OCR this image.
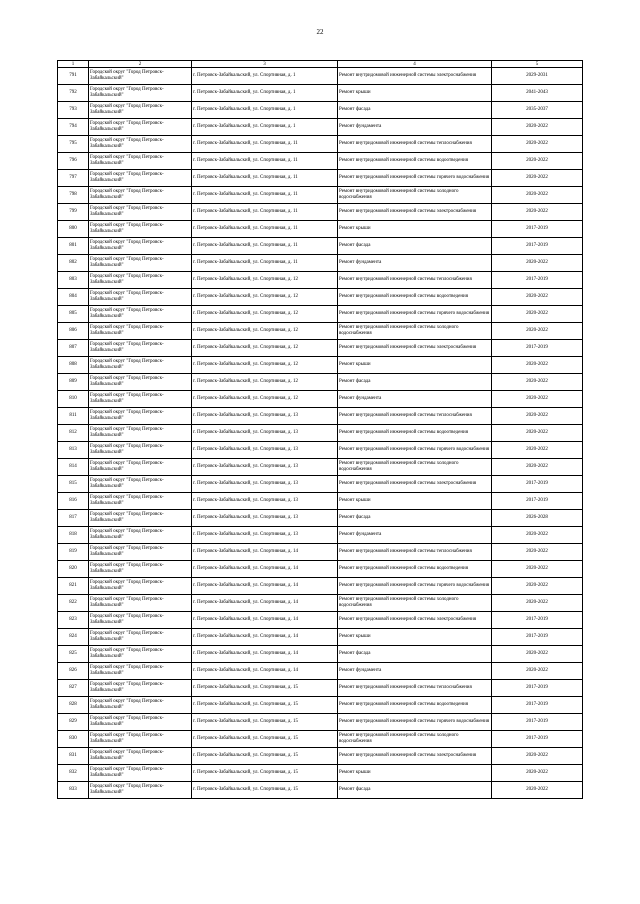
22
1	2	3	4	5
791	Городской округ "Город Петровск-Забайкальский"	г. Петровск-Забайкальский, ул. Спортивная, д. 1	Ремонт внутридомовой инженерной системы электроснабжения	2029-2031
792	Городской округ "Город Петровск-Забайкальский"	г. Петровск-Забайкальский, ул. Спортивная, д. 1	Ремонт крыши	2041-2043
793	Городской округ "Город Петровск-Забайкальский"	г. Петровск-Забайкальский, ул. Спортивная, д. 1	Ремонт фасада	2035-2037
794	Городской округ "Город Петровск-Забайкальский"	г. Петровск-Забайкальский, ул. Спортивная, д. 1	Ремонт фундамента	2020-2022
795	Городской округ "Город Петровск-Забайкальский"	г. Петровск-Забайкальский, ул. Спортивная, д. 11	Ремонт внутридомовой инженерной системы теплоснабжения	2020-2022
796	Городской округ "Город Петровск-Забайкальский"	г. Петровск-Забайкальский, ул. Спортивная, д. 11	Ремонт внутридомовой инженерной системы водоотведения	2020-2022
797	Городской округ "Город Петровск-Забайкальский"	г. Петровск-Забайкальский, ул. Спортивная, д. 11	Ремонт внутридомовой инженерной системы горячего водоснабжения	2020-2022
798	Городской округ "Город Петровск-Забайкальский"	г. Петровск-Забайкальский, ул. Спортивная, д. 11	Ремонт внутридомовой инженерной системы холодного водоснабжения	2020-2022
799	Городской округ "Город Петровск-Забайкальский"	г. Петровск-Забайкальский, ул. Спортивная, д. 11	Ремонт внутридомовой инженерной системы электроснабжения	2020-2022
800	Городской округ "Город Петровск-Забайкальский"	г. Петровск-Забайкальский, ул. Спортивная, д. 11	Ремонт крыши	2017-2019
801	Городской округ "Город Петровск-Забайкальский"	г. Петровск-Забайкальский, ул. Спортивная, д. 11	Ремонт фасада	2017-2019
802	Городской округ "Город Петровск-Забайкальский"	г. Петровск-Забайкальский, ул. Спортивная, д. 11	Ремонт фундамента	2020-2022
803	Городской округ "Город Петровск-Забайкальский"	г. Петровск-Забайкальский, ул. Спортивная, д. 12	Ремонт внутридомовой инженерной системы теплоснабжения	2017-2019
804	Городской округ "Город Петровск-Забайкальский"	г. Петровск-Забайкальский, ул. Спортивная, д. 12	Ремонт внутридомовой инженерной системы водоотведения	2020-2022
805	Городской округ "Город Петровск-Забайкальский"	г. Петровск-Забайкальский, ул. Спортивная, д. 12	Ремонт внутридомовой инженерной системы горячего водоснабжения	2020-2022
806	Городской округ "Город Петровск-Забайкальский"	г. Петровск-Забайкальский, ул. Спортивная, д. 12	Ремонт внутридомовой инженерной системы холодного водоснабжения	2020-2022
807	Городской округ "Город Петровск-Забайкальский"	г. Петровск-Забайкальский, ул. Спортивная, д. 12	Ремонт внутридомовой инженерной системы электроснабжения	2017-2019
808	Городской округ "Город Петровск-Забайкальский"	г. Петровск-Забайкальский, ул. Спортивная, д. 12	Ремонт крыши	2020-2022
809	Городской округ "Город Петровск-Забайкальский"	г. Петровск-Забайкальский, ул. Спортивная, д. 12	Ремонт фасада	2020-2022
810	Городской округ "Город Петровск-Забайкальский"	г. Петровск-Забайкальский, ул. Спортивная, д. 12	Ремонт фундамента	2020-2022
811	Городской округ "Город Петровск-Забайкальский"	г. Петровск-Забайкальский, ул. Спортивная, д. 13	Ремонт внутридомовой инженерной системы теплоснабжения	2020-2022
812	Городской округ "Город Петровск-Забайкальский"	г. Петровск-Забайкальский, ул. Спортивная, д. 13	Ремонт внутридомовой инженерной системы водоотведения	2020-2022
813	Городской округ "Город Петровск-Забайкальский"	г. Петровск-Забайкальский, ул. Спортивная, д. 13	Ремонт внутридомовой инженерной системы горячего водоснабжения	2020-2022
814	Городской округ "Город Петровск-Забайкальский"	г. Петровск-Забайкальский, ул. Спортивная, д. 13	Ремонт внутридомовой инженерной системы холодного водоснабжения	2020-2022
815	Городской округ "Город Петровск-Забайкальский"	г. Петровск-Забайкальский, ул. Спортивная, д. 13	Ремонт внутридомовой инженерной системы электроснабжения	2017-2019
816	Городской округ "Город Петровск-Забайкальский"	г. Петровск-Забайкальский, ул. Спортивная, д. 13	Ремонт крыши	2017-2019
817	Городской округ "Город Петровск-Забайкальский"	г. Петровск-Забайкальский, ул. Спортивная, д. 13	Ремонт фасада	2026-2028
818	Городской округ "Город Петровск-Забайкальский"	г. Петровск-Забайкальский, ул. Спортивная, д. 13	Ремонт фундамента	2020-2022
819	Городской округ "Город Петровск-Забайкальский"	г. Петровск-Забайкальский, ул. Спортивная, д. 14	Ремонт внутридомовой инженерной системы теплоснабжения	2020-2022
820	Городской округ "Город Петровск-Забайкальский"	г. Петровск-Забайкальский, ул. Спортивная, д. 14	Ремонт внутридомовой инженерной системы водоотведения	2020-2022
821	Городской округ "Город Петровск-Забайкальский"	г. Петровск-Забайкальский, ул. Спортивная, д. 14	Ремонт внутридомовой инженерной системы горячего водоснабжения	2020-2022
822	Городской округ "Город Петровск-Забайкальский"	г. Петровск-Забайкальский, ул. Спортивная, д. 14	Ремонт внутридомовой инженерной системы холодного водоснабжения	2020-2022
823	Городской округ "Город Петровск-Забайкальский"	г. Петровск-Забайкальский, ул. Спортивная, д. 14	Ремонт внутридомовой инженерной системы электроснабжения	2017-2019
824	Городской округ "Город Петровск-Забайкальский"	г. Петровск-Забайкальский, ул. Спортивная, д. 14	Ремонт крыши	2017-2019
825	Городской округ "Город Петровск-Забайкальский"	г. Петровск-Забайкальский, ул. Спортивная, д. 14	Ремонт фасада	2020-2022
826	Городской округ "Город Петровск-Забайкальский"	г. Петровск-Забайкальский, ул. Спортивная, д. 14	Ремонт фундамента	2020-2022
827	Городской округ "Город Петровск-Забайкальский"	г. Петровск-Забайкальский, ул. Спортивная, д. 15	Ремонт внутридомовой инженерной системы теплоснабжения	2017-2019
828	Городской округ "Город Петровск-Забайкальский"	г. Петровск-Забайкальский, ул. Спортивная, д. 15	Ремонт внутридомовой инженерной системы водоотведения	2017-2019
829	Городской округ "Город Петровск-Забайкальский"	г. Петровск-Забайкальский, ул. Спортивная, д. 15	Ремонт внутридомовой инженерной системы горячего водоснабжения	2017-2019
830	Городской округ "Город Петровск-Забайкальский"	г. Петровск-Забайкальский, ул. Спортивная, д. 15	Ремонт внутридомовой инженерной системы холодного водоснабжения	2017-2019
831	Городской округ "Город Петровск-Забайкальский"	г. Петровск-Забайкальский, ул. Спортивная, д. 15	Ремонт внутридомовой инженерной системы электроснабжения	2020-2022
832	Городской округ "Город Петровск-Забайкальский"	г. Петровск-Забайкальский, ул. Спортивная, д. 15	Ремонт крыши	2020-2022
833	Городской округ "Город Петровск-Забайкальский"	г. Петровск-Забайкальский, ул. Спортивная, д. 15	Ремонт фасада	2020-2022
